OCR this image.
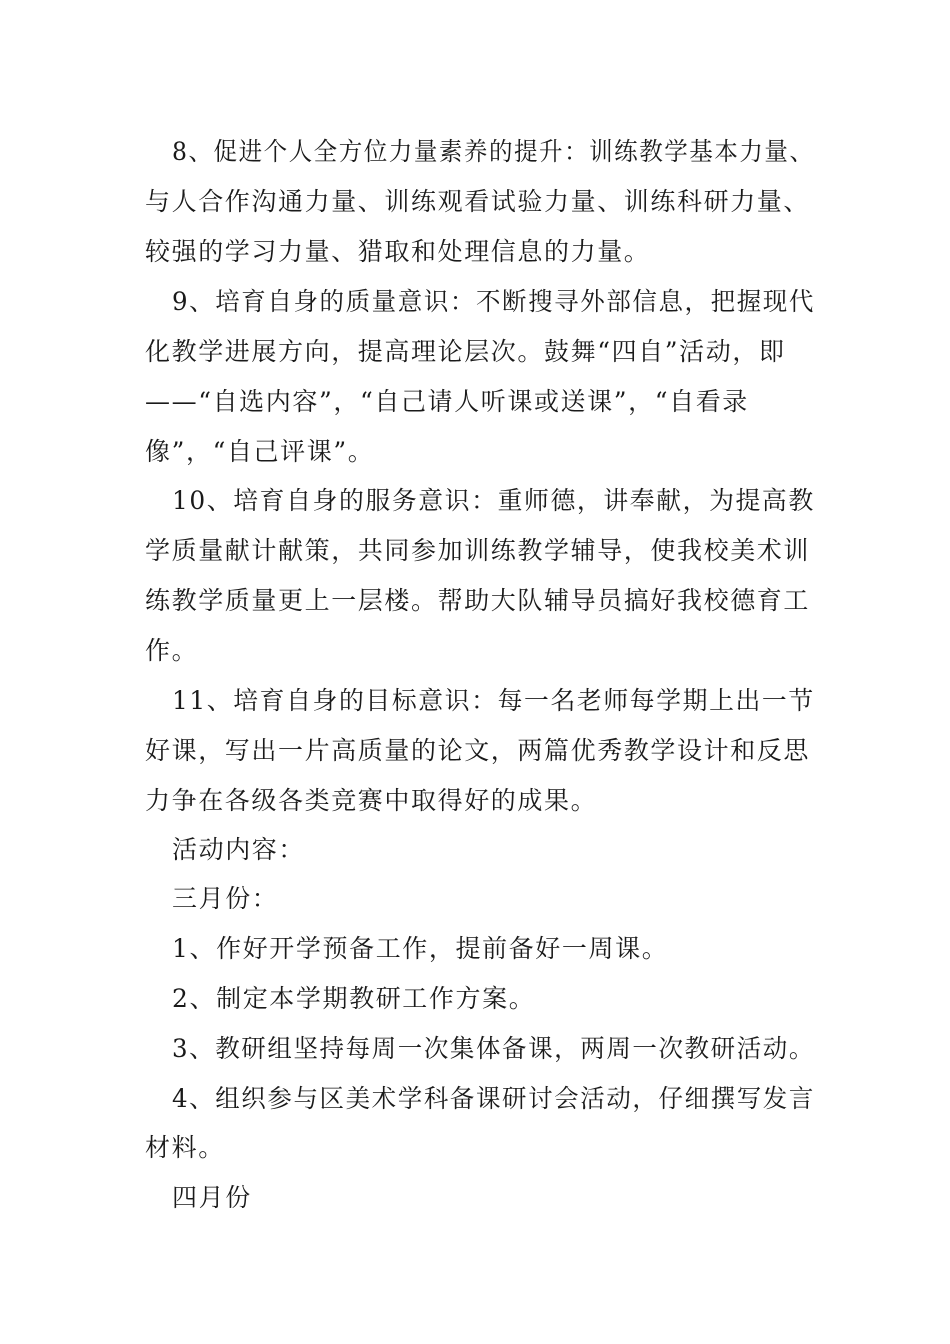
8、促进个人全方位力量素养的提升：训练教学基本力量、
与人合作沟通力量、训练观看试验力量、训练科研力量、
较强的学习力量、猎取和处理信息的力量。
9、培育自身的质量意识：不断搜寻外部信息，把握现代
化教学进展方向，提高理论层次。鼓舞“四自”活动，即
——“自选内容”，“自己请人听课或送课”，“自看录
像”，“自己评课”。
10、培育自身的服务意识：重师德，讲奉献，为提高教
学质量献计献策，共同参加训练教学辅导，使我校美术训
练教学质量更上一层楼。帮助大队辅导员搞好我校德育工
作。
11、培育自身的目标意识：每一名老师每学期上出一节
好课，写出一片高质量的论文，两篇优秀教学设计和反思
力争在各级各类竞赛中取得好的成果。
活动内容：
三月份：
1、作好开学预备工作，提前备好一周课。
2、制定本学期教研工作方案。
3、教研组坚持每周一次集体备课，两周一次教研活动。
4、组织参与区美术学科备课研讨会活动，仔细撰写发言
材料。
四月份
